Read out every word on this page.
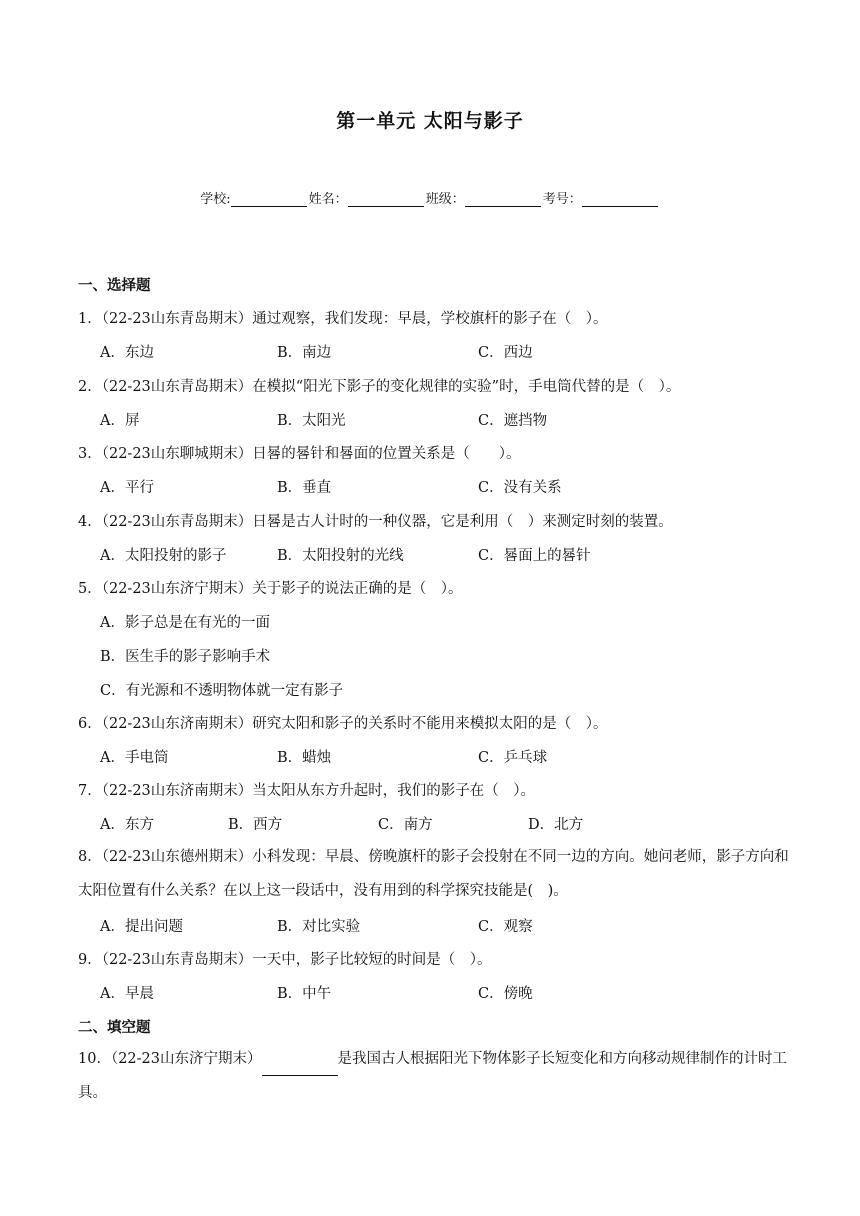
第一单元 太阳与影子
学校:	姓名：	班级：	考号：
一、选择题
1．（22-23山东青岛期末）通过观察，我们发现：早晨，学校旗杆的影子在（　）。
A．东边	B．南边	C．西边
2．（22-23山东青岛期末）在模拟“阳光下影子的变化规律的实验”时，手电筒代替的是（　）。
A．屏	B．太阳光	C．遮挡物
3．（22-23山东聊城期末）日晷的晷针和晷面的位置关系是（　　）。
A．平行	B．垂直	C．没有关系
4．（22-23山东青岛期末）日晷是古人计时的一种仪器，它是利用（　）来测定时刻的装置。
A．太阳投射的影子	B．太阳投射的光线	C．晷面上的晷针
5．（22-23山东济宁期末）关于影子的说法正确的是（　）。
A．影子总是在有光的一面
B．医生手的影子影响手术
C．有光源和不透明物体就一定有影子
6．（22-23山东济南期末）研究太阳和影子的关系时不能用来模拟太阳的是（　）。
A．手电筒	B．蜡烛	C．乒乓球
7．（22-23山东济南期末）当太阳从东方升起时，我们的影子在（　）。
A．东方	B．西方	C．南方	D．北方
8．（22-23山东德州期末）小科发现：早晨、傍晚旗杆的影子会投射在不同一边的方向。她问老师，影子方向和太阳位置有什么关系？在以上这一段话中，没有用到的科学探究技能是(　)。
A．提出问题	B．对比实验	C．观察
9．（22-23山东青岛期末）一天中，影子比较短的时间是（　）。
A．早晨	B．中午	C．傍晚
二、填空题
10．（22-23山东济宁期末）	是我国古人根据阳光下物体影子长短变化和方向移动规律制作的计时工具。
